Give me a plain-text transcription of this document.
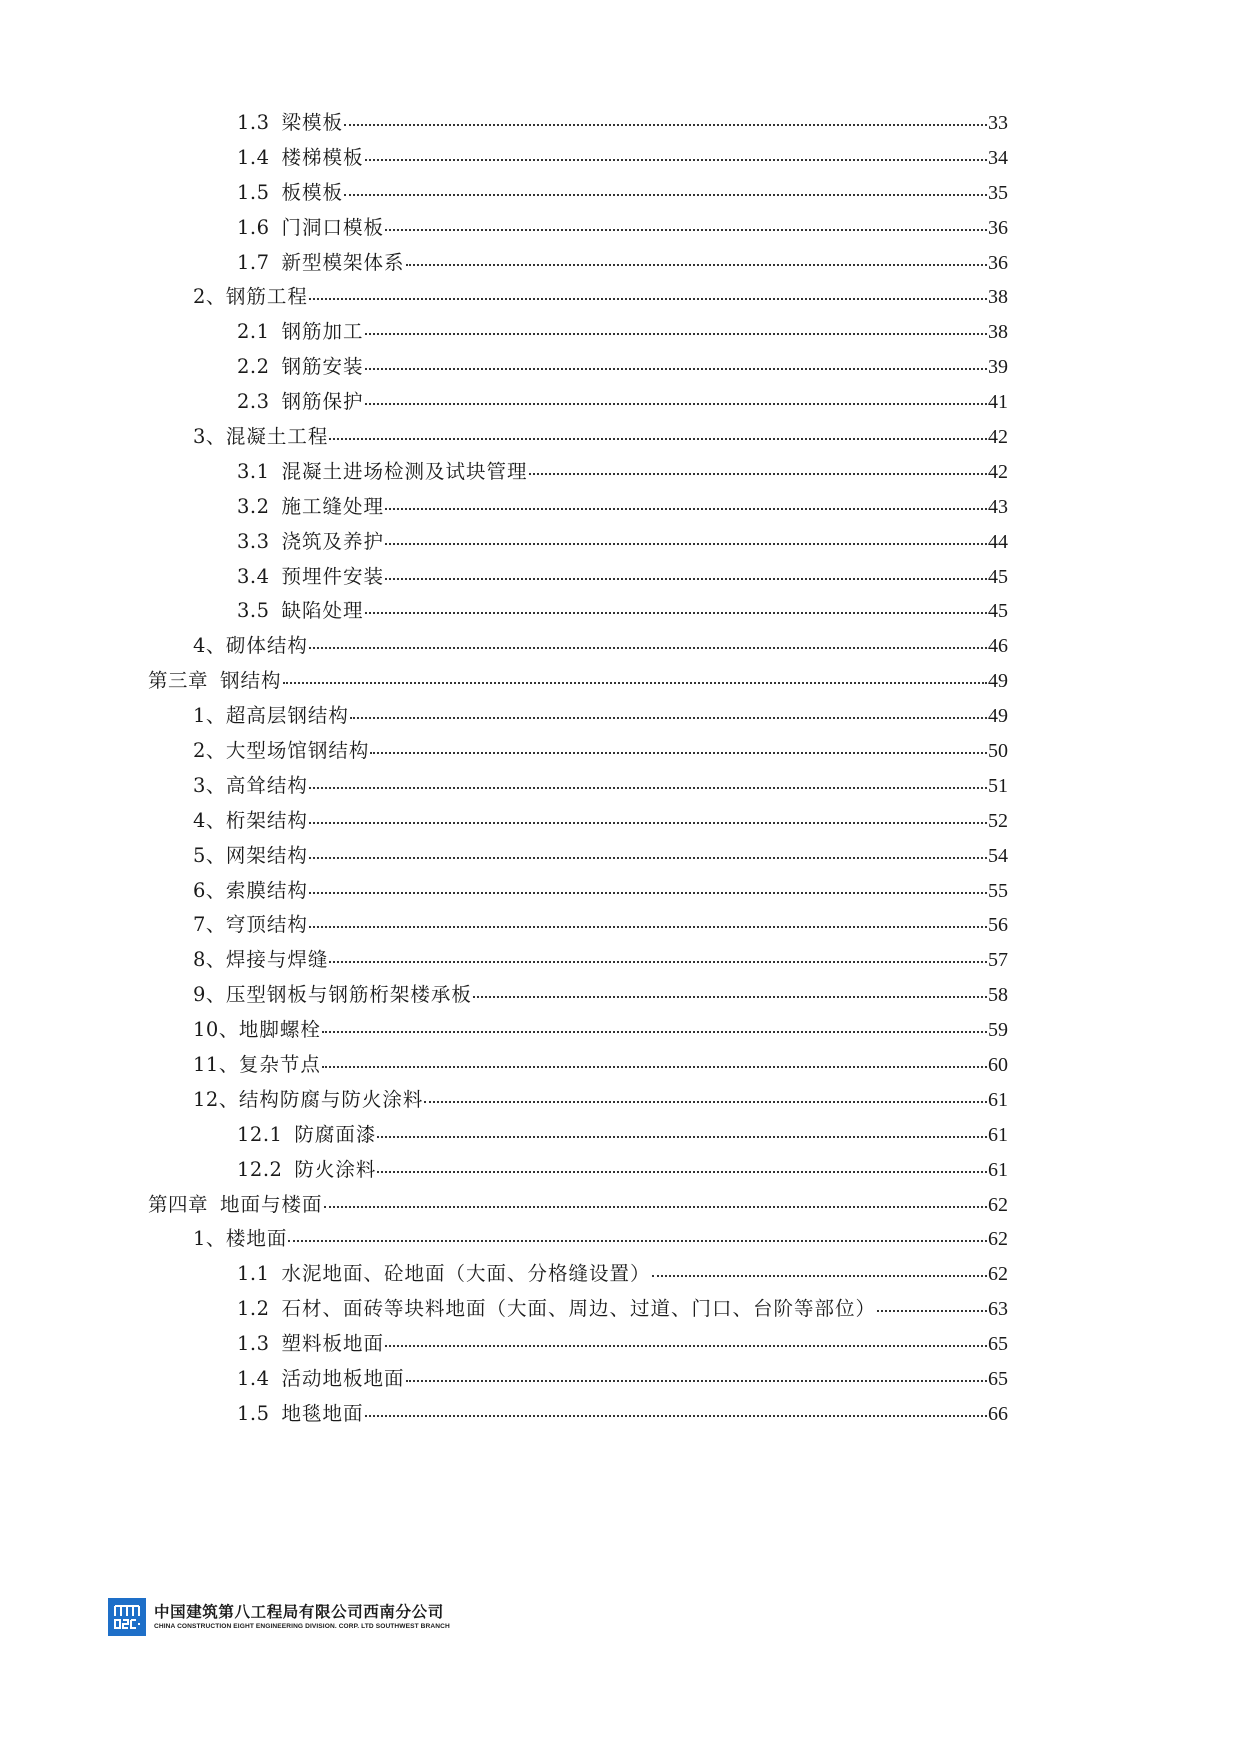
1.3 梁模板	33
1.4 楼梯模板	34
1.5 板模板	35
1.6 门洞口模板	36
1.7 新型模架体系	36
2、 钢筋工程	38
2.1 钢筋加工	38
2.2 钢筋安装	39
2.3 钢筋保护	41
3、 混凝土工程	42
3.1 混凝土进场检测及试块管理	42
3.2 施工缝处理	43
3.3 浇筑及养护	44
3.4 预埋件安装	45
3.5 缺陷处理	45
4、 砌体结构	46
第三章 钢结构	49
1、 超高层钢结构	49
2、 大型场馆钢结构	50
3、 高耸结构	51
4、 桁架结构	52
5、 网架结构	54
6、 索膜结构	55
7、 穹顶结构	56
8、 焊接与焊缝	57
9、 压型钢板与钢筋桁架楼承板	58
10、 地脚螺栓	59
11、 复杂节点	60
12、 结构防腐与防火涂料	61
12.1 防腐面漆	61
12.2 防火涂料	61
第四章 地面与楼面	62
1、 楼地面	62
1.1 水泥地面、砼地面（大面、分格缝设置）	62
1.2 石材、面砖等块料地面（大面、周边、过道、门口、台阶等部位）	63
1.3 塑料板地面	65
1.4 活动地板地面	65
1.5 地毯地面	66
中国建筑第八工程局有限公司西南分公司
CHINA CONSTRUCTION EIGHT ENGINEERING DIVISION. CORP. LTD SOUTHWEST BRANCH
